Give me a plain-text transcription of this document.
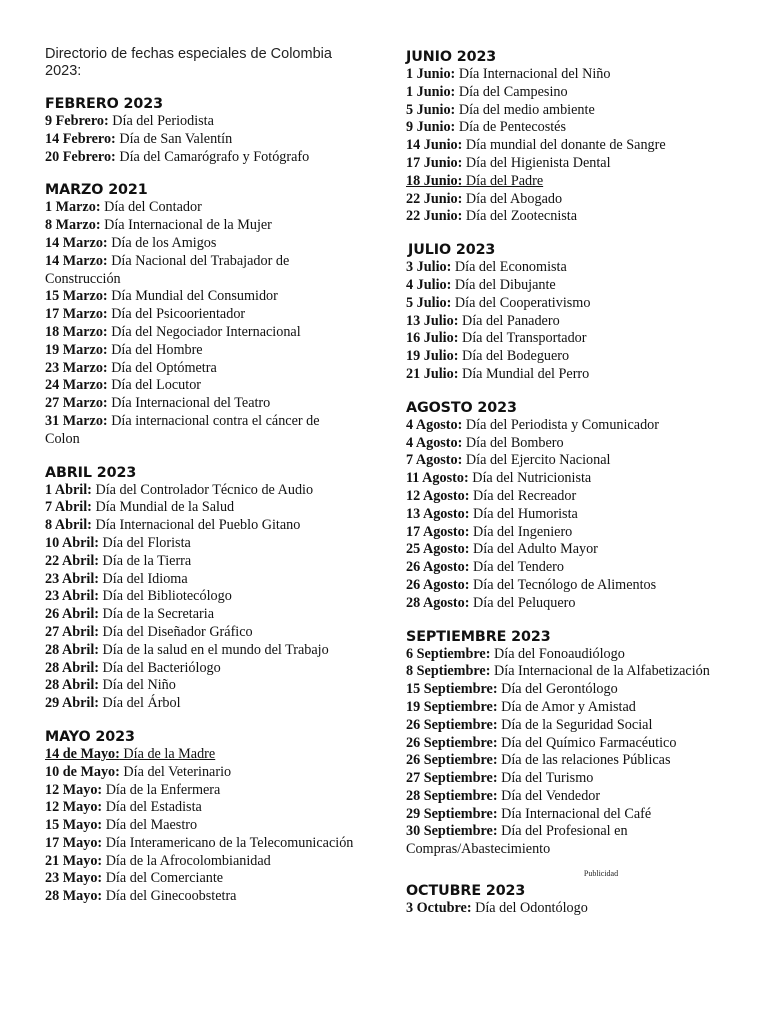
Directorio de fechas especiales de Colombia 2023:
FEBRERO 2023
9 Febrero: Día del Periodista
14 Febrero: Día de San Valentín
20 Febrero: Día del Camarógrafo y Fotógrafo
MARZO 2021
1 Marzo: Día del Contador
8 Marzo: Día Internacional de la Mujer
14 Marzo: Día de los Amigos
14 Marzo: Día Nacional del Trabajador de Construcción
15 Marzo: Día Mundial del Consumidor
17 Marzo: Día del Psicoorientador
18 Marzo: Día del Negociador Internacional
19 Marzo: Día del Hombre
23 Marzo: Día del Optómetra
24 Marzo: Día del Locutor
27 Marzo: Día Internacional del Teatro
31 Marzo: Día internacional contra el cáncer de Colon
ABRIL 2023
1 Abril: Día del Controlador Técnico de Audio
7 Abril: Día Mundial de la Salud
8 Abril: Día Internacional del Pueblo Gitano
10 Abril: Día del Florista
22 Abril: Día de la Tierra
23 Abril: Día del Idioma
23 Abril: Día del Bibliotecólogo
26 Abril: Día de la Secretaria
27 Abril: Día del Diseñador Gráfico
28 Abril: Día de la salud en el mundo del Trabajo
28 Abril: Día del Bacteriólogo
28 Abril: Día del Niño
29 Abril: Día del Árbol
MAYO 2023
14 de Mayo: Día de la Madre
10 de Mayo: Día del Veterinario
12 Mayo: Día de la Enfermera
12 Mayo: Día del Estadista
15 Mayo: Día del Maestro
17 Mayo: Día Interamericano de la Telecomunicación
21 Mayo: Día de la Afrocolombianidad
23 Mayo: Día del Comerciante
28 Mayo: Día del Ginecoobstetra
JUNIO 2023
1 Junio: Día Internacional del Niño
1 Junio: Día del Campesino
5 Junio: Día del medio ambiente
9 Junio: Día de Pentecostés
14 Junio: Día mundial del donante de Sangre
17 Junio: Día del Higienista Dental
18 Junio: Día del Padre
22 Junio: Día del Abogado
22 Junio: Día del Zootecnista
JULIO 2023
3 Julio: Día del Economista
4 Julio: Día del Dibujante
5 Julio: Día del Cooperativismo
13 Julio: Día del Panadero
16 Julio: Día del Transportador
19 Julio: Día del Bodeguero
21 Julio: Día Mundial del Perro
AGOSTO 2023
4 Agosto: Día del Periodista y Comunicador
4 Agosto: Día del Bombero
7 Agosto: Día del Ejercito Nacional
11 Agosto: Día del Nutricionista
12 Agosto: Día del Recreador
13 Agosto: Día del Humorista
17 Agosto: Día del Ingeniero
25 Agosto: Día del Adulto Mayor
26 Agosto: Día del Tendero
26 Agosto: Día del Tecnólogo de Alimentos
28 Agosto: Día del Peluquero
SEPTIEMBRE 2023
6 Septiembre: Día del Fonoaudiólogo
8 Septiembre: Día Internacional de la Alfabetización
15 Septiembre: Día del Gerontólogo
19 Septiembre: Día de Amor y Amistad
26 Septiembre: Día de la Seguridad Social
26 Septiembre: Día del Químico Farmacéutico
26 Septiembre: Día de las relaciones Públicas
27 Septiembre: Día del Turismo
28 Septiembre: Día del Vendedor
29 Septiembre: Día Internacional del Café
30 Septiembre: Día del Profesional en Compras/Abastecimiento
Publicidad
OCTUBRE 2023
3 Octubre: Día del Odontólogo
